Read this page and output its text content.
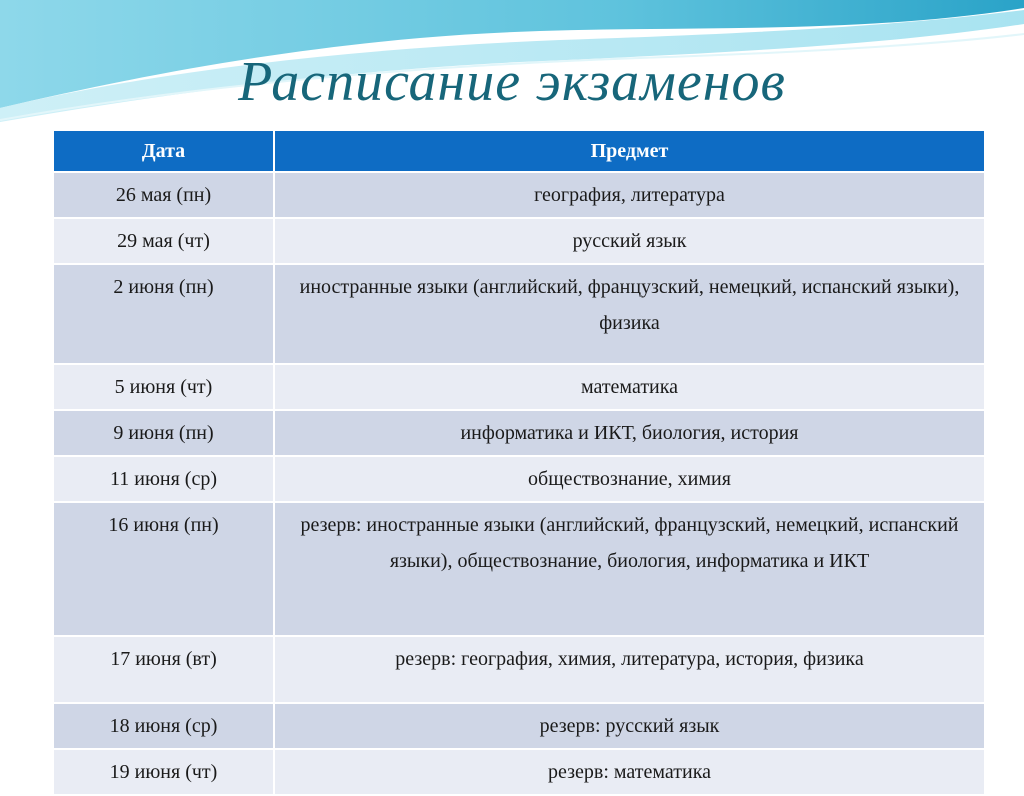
Расписание экзаменов
Дата	Предмет
26 мая (пн)	география, литература
29 мая (чт)	русский язык
2 июня (пн)	иностранные языки (английский, французский, немецкий, испанский языки), физика
5 июня (чт)	математика
9 июня (пн)	информатика и ИКТ, биология, история
11 июня (ср)	обществознание, химия
16 июня (пн)	резерв: иностранные языки (английский, французский, немецкий, испанский языки), обществознание, биология, информатика и ИКТ
17 июня (вт)	резерв: география, химия, литература, история, физика
18 июня (ср)	резерв: русский язык
19 июня (чт)	резерв: математика
